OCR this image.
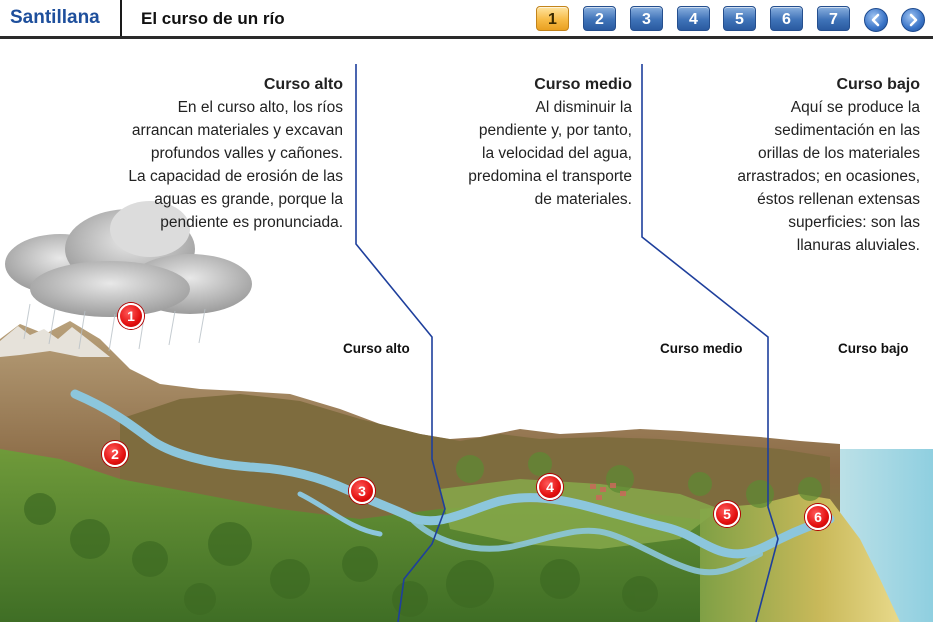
Santillana El curso de un río	1	2	3	4	5	6	7
Curso alto
En el curso alto, los ríos
arrancan materiales y excavan
profundos valles y cañones.
La capacidad de erosión de las
aguas es grande, porque la
pendiente es pronunciada.
Curso medio
Al disminuir la
pendiente y, por tanto,
la velocidad del agua,
predomina el transporte
de materiales.
Curso bajo
Aquí se produce la
sedimentación en las
orillas de los materiales
arrastrados; en ocasiones,
éstos rellenan extensas
superficies: son las
llanuras aluviales.
Curso alto	Curso medio	Curso bajo
1
2
3	4
5	6
